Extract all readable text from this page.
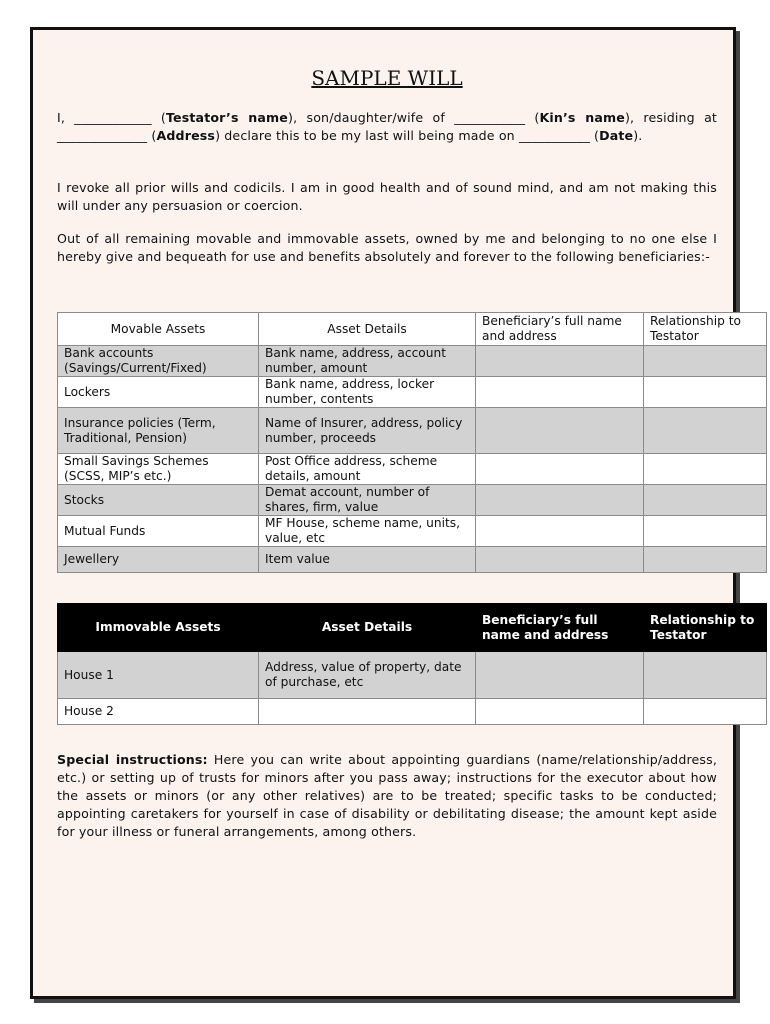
SAMPLE WILL
I, ____________ (Testator’s name), son/daughter/wife of ___________ (Kin’s name), residing at ______________ (Address) declare this to be my last will being made on ___________ (Date).
I revoke all prior wills and codicils. I am in good health and of sound mind, and am not making this will under any persuasion or coercion.
Out of all remaining movable and immovable assets, owned by me and belonging to no one else I hereby give and bequeath for use and benefits absolutely and forever to the following beneficiaries:-
Movable Assets	Asset Details	Beneficiary’s full name and address	Relationship to Testator
Bank accounts (Savings/Current/Fixed)	Bank name, address, account number, amount		
Lockers	Bank name, address, locker number, contents		
Insurance policies (Term, Traditional, Pension)	Name of Insurer, address, policy number, proceeds		
Small Savings Schemes (SCSS, MIP’s etc.)	Post Office address, scheme details, amount		
Stocks	Demat account, number of shares, firm, value		
Mutual Funds	MF House, scheme name, units, value, etc		
Jewellery	Item value		
Immovable Assets	Asset Details	Beneficiary’s full name and address	Relationship to Testator
House 1	Address, value of property, date of purchase, etc		
House 2			
Special instructions: Here you can write about appointing guardians (name/relationship/address, etc.) or setting up of trusts for minors after you pass away; instructions for the executor about how the assets or minors (or any other relatives) are to be treated; specific tasks to be conducted; appointing caretakers for yourself in case of disability or debilitating disease; the amount kept aside for your illness or funeral arrangements, among others.
